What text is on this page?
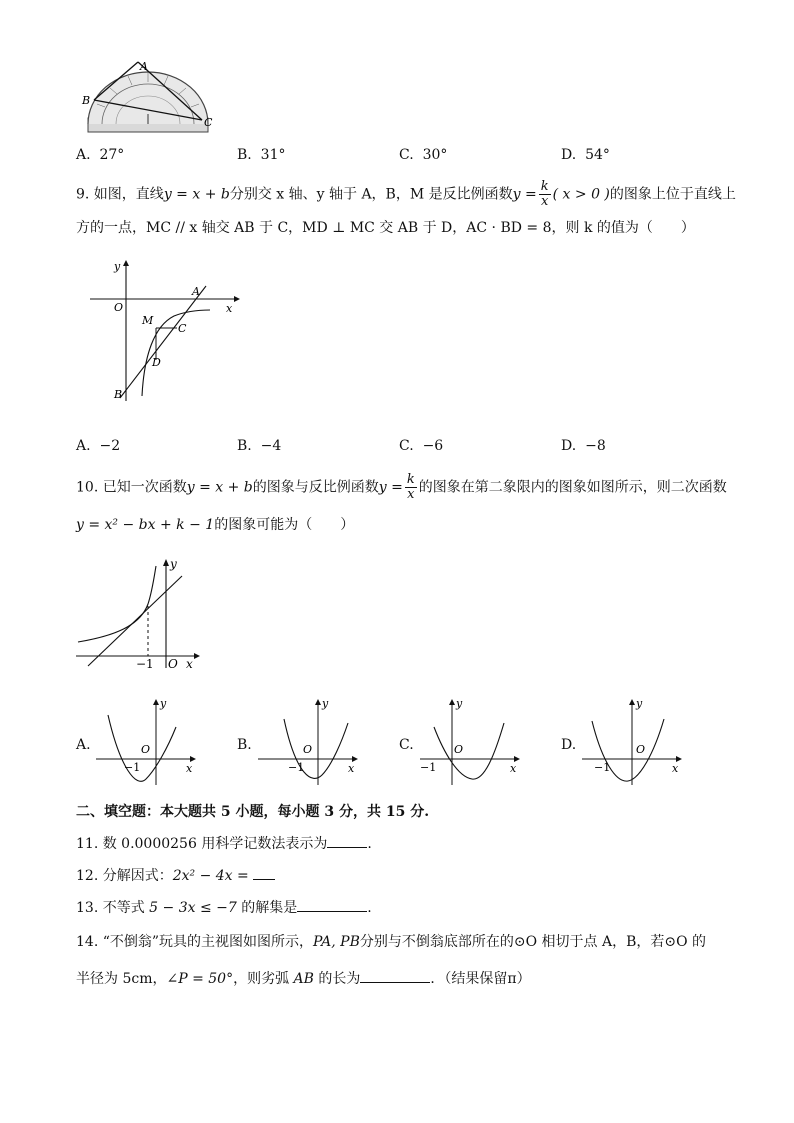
A
B
C
A. 27°	B. 31°	C. 30°	D. 54°
9. 如图，直线y = x + b分别交 x 轴、y 轴于 A，B，M 是反比例函数$y = \frac{k}{x}$ ( x > 0 )的图象上位于直线上
方的一点，MC // x 轴交 AB 于 C，MD ⊥ MC 交 AB 于 D，AC · BD = 8，则 k 的值为（　　）
y
O
A
x
M
C
D
B
A. −2	B. −4	C. −6	D. −8
10. 已知一次函数y = x + b的图象与反比例函数$y = \frac{k}{x}$ 的图象在第二象限内的图象如图所示，则二次函数
y = x² − bx + k − 1的图象可能为（　　）
y
x
O
−1
A.
y
x
O
−1
B.
y
x
O
−1
C.
y
x
O
−1
D.
y
x
O
−1
二、填空题：本大题共 5 小题，每小题 3 分，共 15 分.
11. 数 0.0000256 用科学记数法表示为	.
12. 分解因式：2x² − 4x =
13. 不等式 5 − 3x ≤ −7 的解集是	.
14. “不倒翁”玩具的主视图如图所示，PA, PB分别与不倒翁底部所在的⊙O 相切于点 A，B，若⊙O 的
半径为 5cm，∠P = 50°，则劣弧 AB 的长为	．（结果保留π）
